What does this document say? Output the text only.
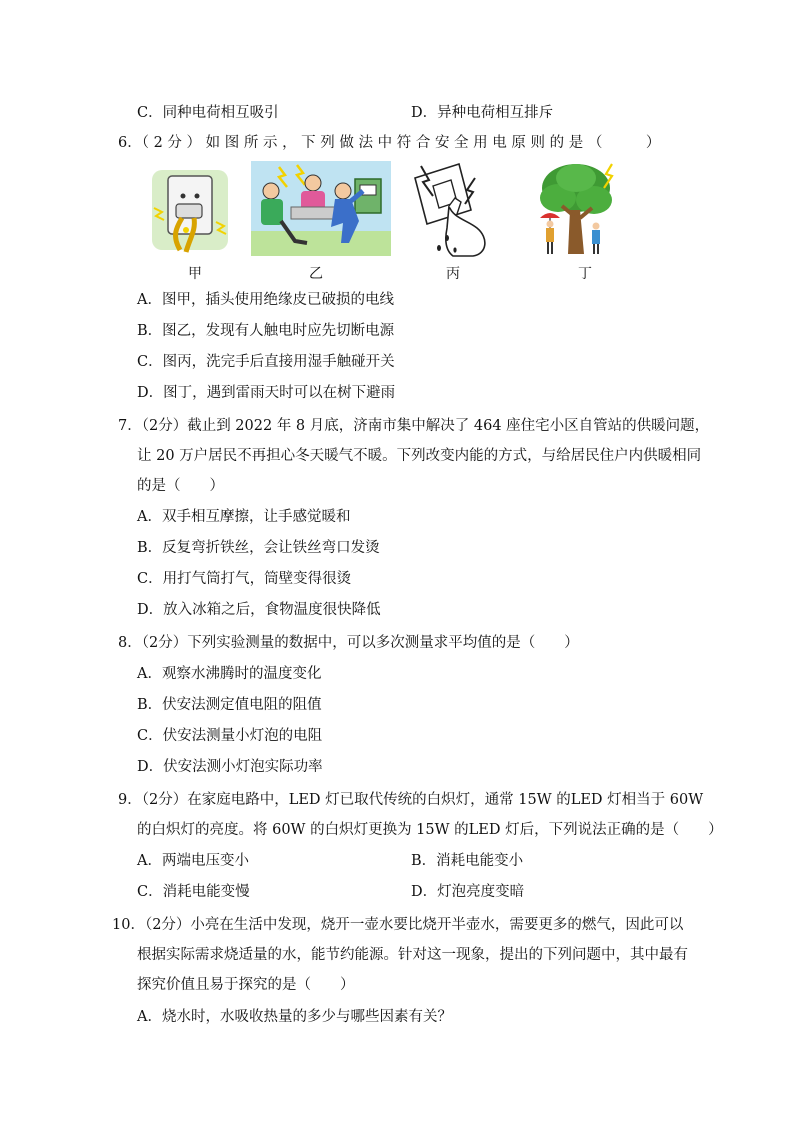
C．同种电荷相互吸引	D．异种电荷相互排斥
6．（ 2 分 ） 如 图 所 示 ， 下 列 做 法 中 符 合 安 全 用 电 原 则 的 是 （　　　）
甲	乙	丙	丁
A．图甲，插头使用绝缘皮已破损的电线
B．图乙，发现有人触电时应先切断电源
C．图丙，洗完手后直接用湿手触碰开关
D．图丁，遇到雷雨天时可以在树下避雨
7．（2分）截止到 2022 年 8 月底，济南市集中解决了 464 座住宅小区自管站的供暖问题，
让 20 万户居民不再担心冬天暖气不暖。下列改变内能的方式，与给居民住户内供暖相同
的是（　　）
A．双手相互摩擦，让手感觉暖和
B．反复弯折铁丝，会让铁丝弯口发烫
C．用打气筒打气，筒壁变得很烫
D．放入冰箱之后，食物温度很快降低
8．（2分）下列实验测量的数据中，可以多次测量求平均值的是（　　）
A．观察水沸腾时的温度变化
B．伏安法测定值电阻的阻值
C．伏安法测量小灯泡的电阻
D．伏安法测小灯泡实际功率
9．（2分）在家庭电路中，LED 灯已取代传统的白炽灯，通常 15W 的LED 灯相当于 60W
的白炽灯的亮度。将 60W 的白炽灯更换为 15W 的LED 灯后，下列说法正确的是（　　）
A．两端电压变小	B．消耗电能变小
C．消耗电能变慢	D．灯泡亮度变暗
10．（2分）小亮在生活中发现，烧开一壶水要比烧开半壶水，需要更多的燃气，因此可以
根据实际需求烧适量的水，能节约能源。针对这一现象，提出的下列问题中，其中最有
探究价值且易于探究的是（　　）
A．烧水时，水吸收热量的多少与哪些因素有关？
